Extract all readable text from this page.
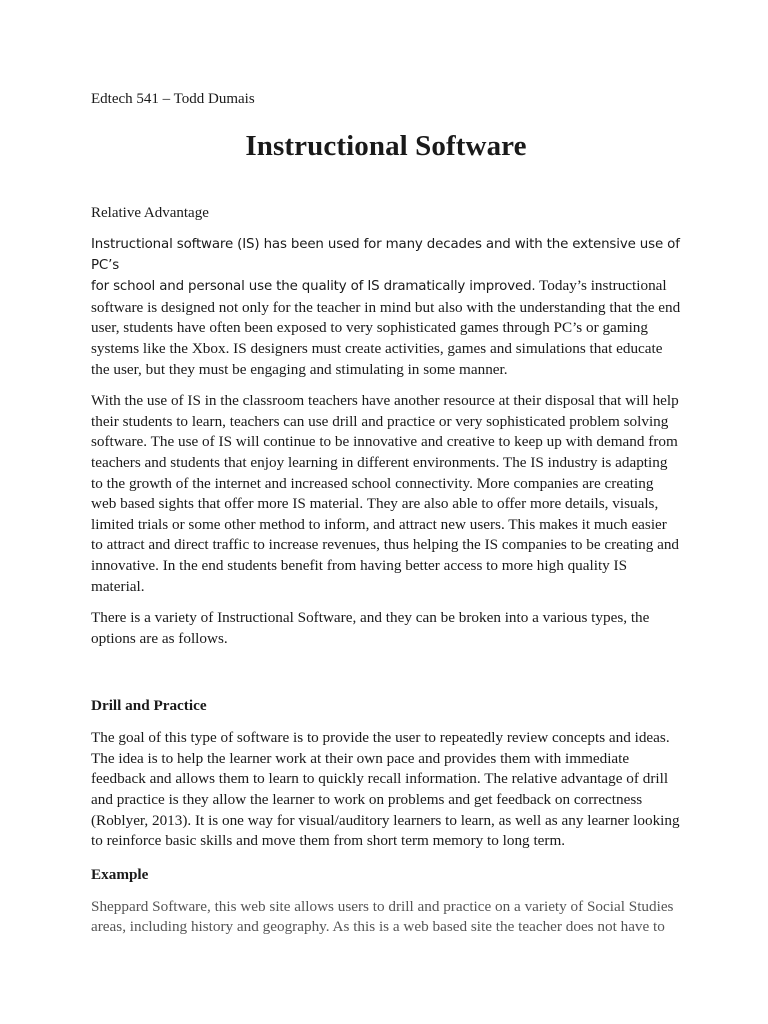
Edtech 541 – Todd Dumais

Instructional Software

Relative Advantage

Instructional software (IS) has been used for many decades and with the extensive use of PC’s
for school and personal use the quality of IS dramatically improved. Today’s instructional software is designed not only for the teacher in mind but also with the understanding that the end user, students have often been exposed to very sophisticated games through PC’s or gaming systems like the Xbox. IS designers must create activities, games and simulations that educate the user, but they must be engaging and stimulating in some manner.

With the use of IS in the classroom teachers have another resource at their disposal that will help their students to learn, teachers can use drill and practice or very sophisticated problem solving software. The use of IS will continue to be innovative and creative to keep up with demand from teachers and students that enjoy learning in different environments. The IS industry is adapting to the growth of the internet and increased school connectivity. More companies are creating web based sights that offer more IS material. They are also able to offer more details, visuals, limited trials or some other method to inform, and attract new users. This makes it much easier to attract and direct traffic to increase revenues, thus helping the IS companies to be creating and innovative. In the end students benefit from having better access to more high quality IS material.

There is a variety of Instructional Software, and they can be broken into a various types, the options are as follows.

Drill and Practice

The goal of this type of software is to provide the user to repeatedly review concepts and ideas. The idea is to help the learner work at their own pace and provides them with immediate feedback and allows them to learn to quickly recall information. The relative advantage of drill and practice is they allow the learner to work on problems and get feedback on correctness (Roblyer, 2013). It is one way for visual/auditory learners to learn, as well as any learner looking to reinforce basic skills and move them from short term memory to long term.

Example

Sheppard Software, this web site allows users to drill and practice on a variety of Social Studies areas, including history and geography. As this is a web based site the teacher does not have to
